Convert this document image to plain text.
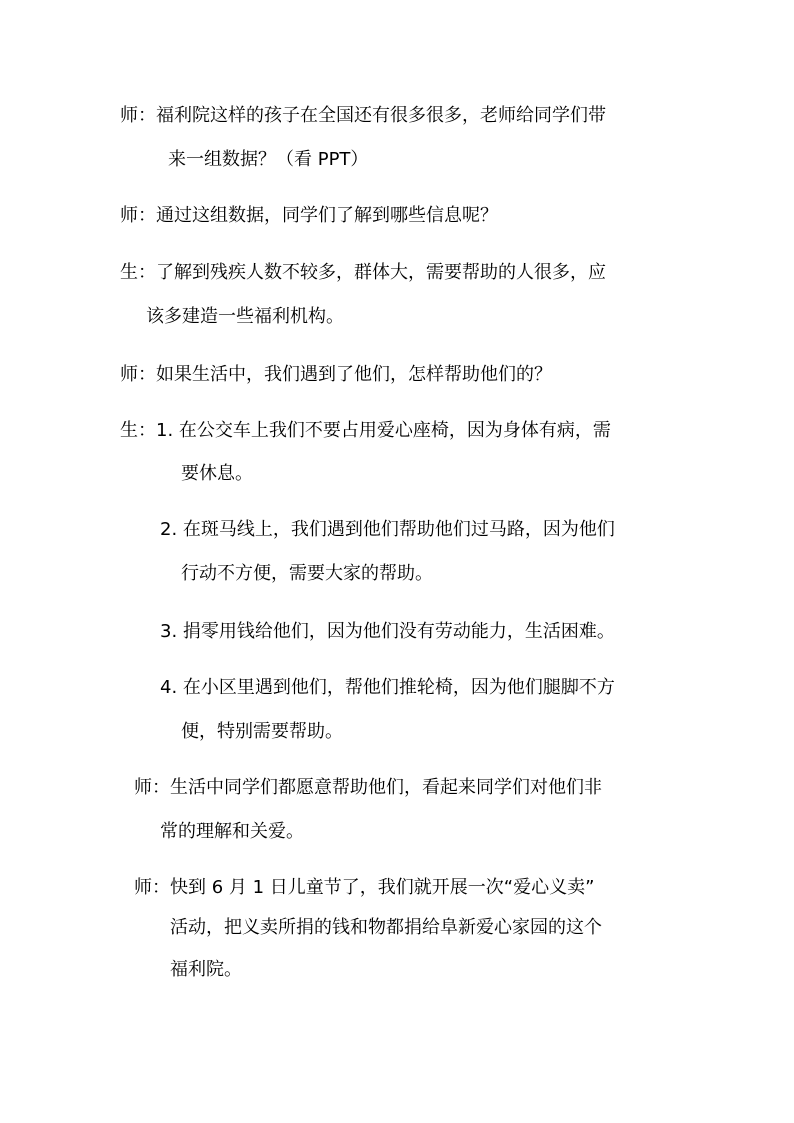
师：福利院这样的孩子在全国还有很多很多，老师给同学们带
来一组数据？（看 PPT）
师：通过这组数据，同学们了解到哪些信息呢？
生：了解到残疾人数不较多，群体大，需要帮助的人很多，应
该多建造一些福利机构。
师：如果生活中，我们遇到了他们，怎样帮助他们的？
生：1. 在公交车上我们不要占用爱心座椅，因为身体有病，需
要休息。
2. 在斑马线上，我们遇到他们帮助他们过马路，因为他们
行动不方便，需要大家的帮助。
3. 捐零用钱给他们，因为他们没有劳动能力，生活困难。
4. 在小区里遇到他们，帮他们推轮椅，因为他们腿脚不方
便，特别需要帮助。
师：生活中同学们都愿意帮助他们，看起来同学们对他们非
常的理解和关爱。
师：快到 6 月 1 日儿童节了，我们就开展一次“爱心义卖”
活动，把义卖所捐的钱和物都捐给阜新爱心家园的这个
福利院。
